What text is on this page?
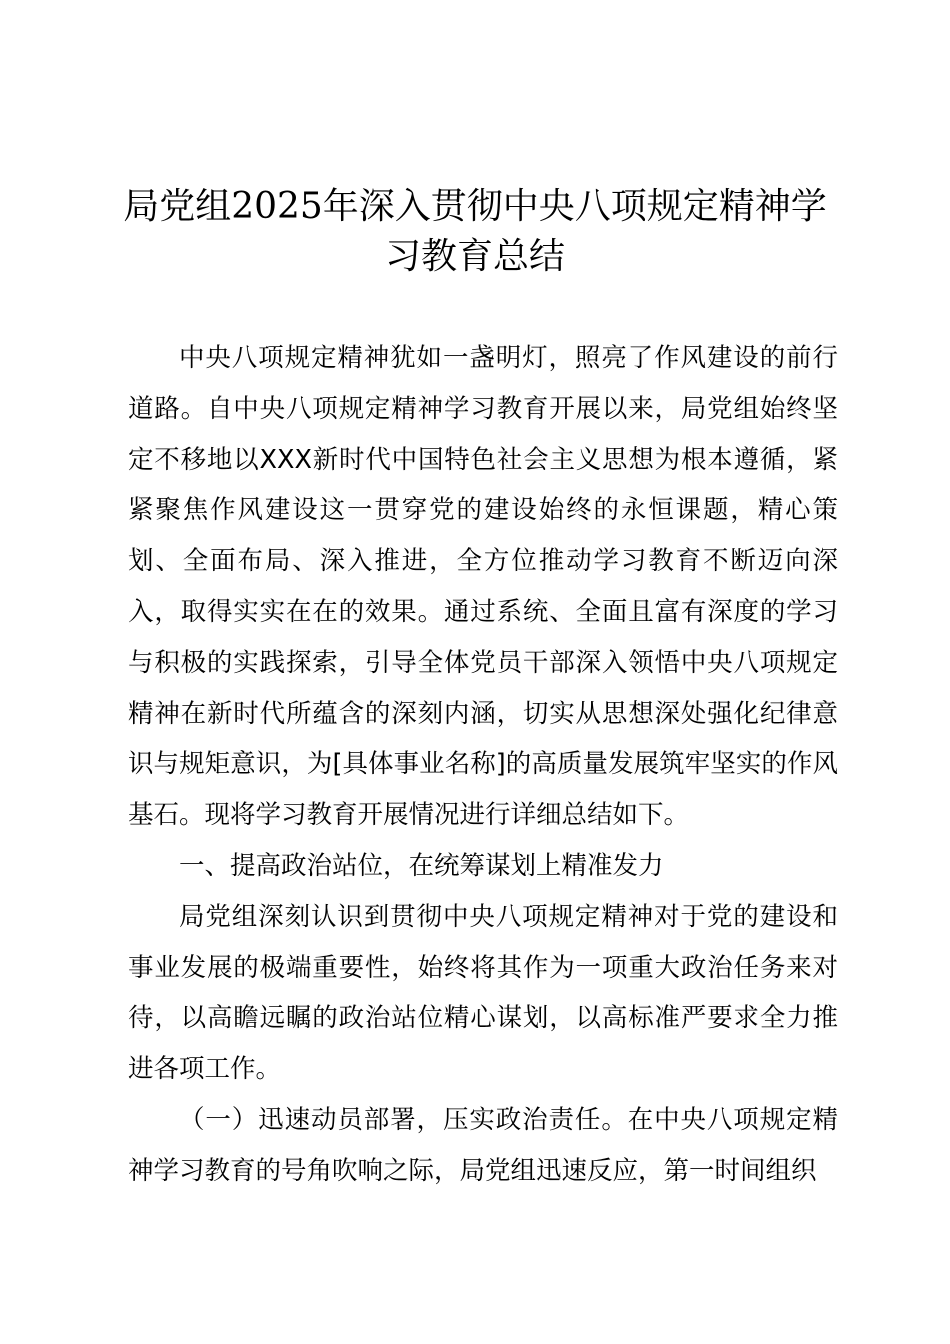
局党组2025年深入贯彻中央八项规定精神学
习教育总结

中央八项规定精神犹如一盏明灯，照亮了作风建设的前行道路。自中央八项规定精神学习教育开展以来，局党组始终坚定不移地以XXX新时代中国特色社会主义思想为根本遵循，紧紧聚焦作风建设这一贯穿党的建设始终的永恒课题，精心策划、全面布局、深入推进，全方位推动学习教育不断迈向深入，取得实实在在的效果。通过系统、全面且富有深度的学习与积极的实践探索，引导全体党员干部深入领悟中央八项规定精神在新时代所蕴含的深刻内涵，切实从思想深处强化纪律意识与规矩意识，为[具体事业名称]的高质量发展筑牢坚实的作风基石。现将学习教育开展情况进行详细总结如下。

一、提高政治站位，在统筹谋划上精准发力

局党组深刻认识到贯彻中央八项规定精神对于党的建设和事业发展的极端重要性，始终将其作为一项重大政治任务来对待，以高瞻远瞩的政治站位精心谋划，以高标准严要求全力推进各项工作。

（一）迅速动员部署，压实政治责任。在中央八项规定精神学习教育的号角吹响之际，局党组迅速反应，第一时间组织
